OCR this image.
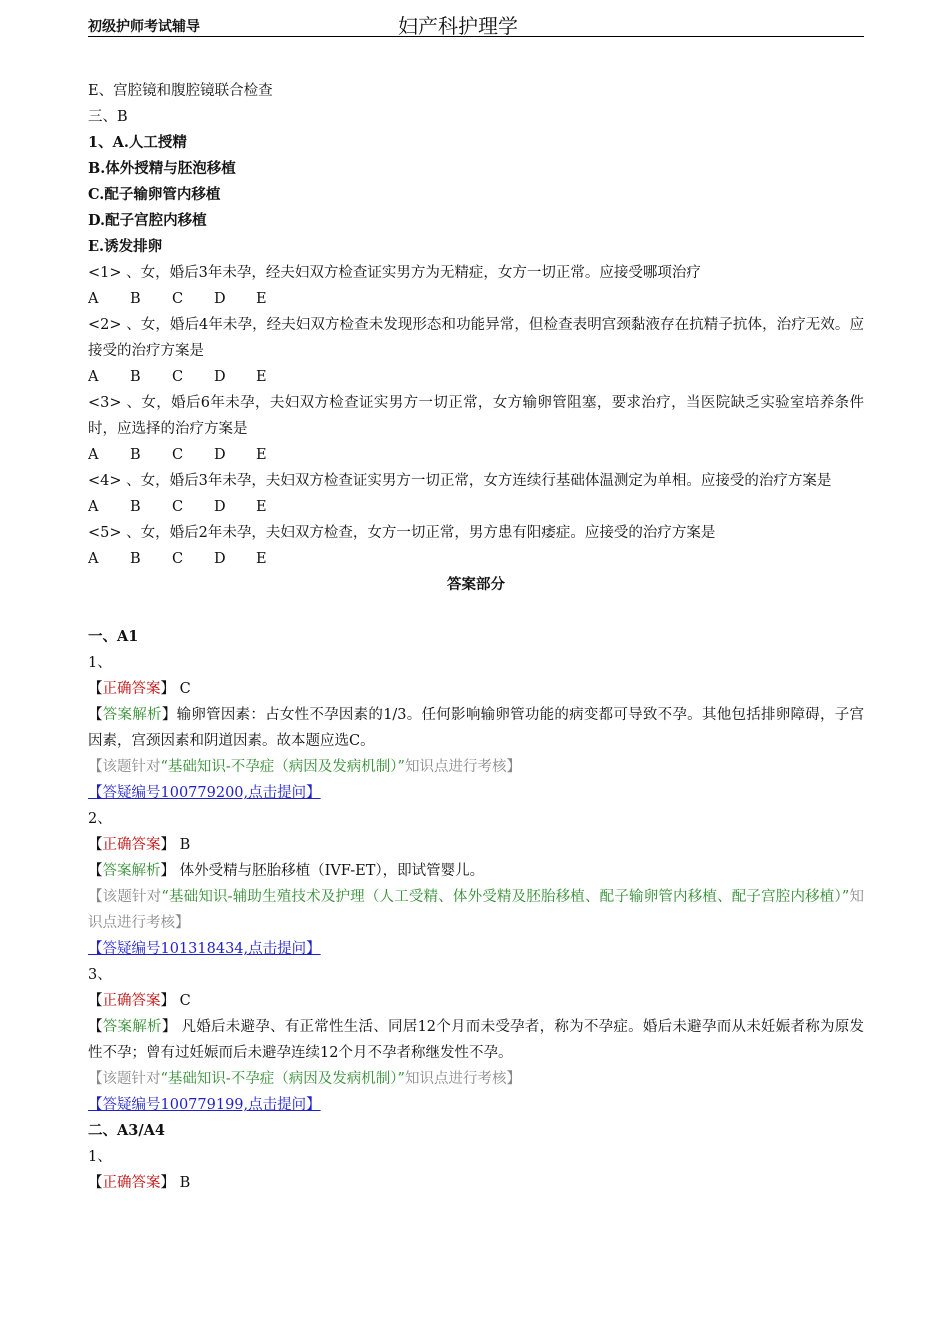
初级护师考试辅导	妇产科护理学
E、宫腔镜和腹腔镜联合检查
三、B
1、A.人工授精
B.体外授精与胚泡移植
C.配子输卵管内移植
D.配子宫腔内移植
E.诱发排卵
<1> 、女，婚后3年未孕，经夫妇双方检查证实男方为无精症，女方一切正常。应接受哪项治疗
A B C D E
<2> 、女，婚后4年未孕，经夫妇双方检查未发现形态和功能异常，但检查表明宫颈黏液存在抗精子抗体，治疗无效。应接受的治疗方案是
A B C D E
<3> 、女，婚后6年未孕，夫妇双方检查证实男方一切正常，女方输卵管阻塞，要求治疗，当医院缺乏实验室培养条件时，应选择的治疗方案是
A B C D E
<4> 、女，婚后3年未孕，夫妇双方检查证实男方一切正常，女方连续行基础体温测定为单相。应接受的治疗方案是
A B C D E
<5> 、女，婚后2年未孕，夫妇双方检查，女方一切正常，男方患有阳痿症。应接受的治疗方案是
A B C D E
答案部分
一、A1
1、
【正确答案】 C
【答案解析】输卵管因素：占女性不孕因素的1/3。任何影响输卵管功能的病变都可导致不孕。其他包括排卵障碍，子宫因素，宫颈因素和阴道因素。故本题应选C。
【该题针对“基础知识-不孕症（病因及发病机制）”知识点进行考核】
【答疑编号100779200,点击提问】
2、
【正确答案】 B
【答案解析】 体外受精与胚胎移植（IVF-ET），即试管婴儿。
【该题针对“基础知识-辅助生殖技术及护理（人工受精、体外受精及胚胎移植、配子输卵管内移植、配子宫腔内移植）”知识点进行考核】
【答疑编号101318434,点击提问】
3、
【正确答案】 C
【答案解析】 凡婚后未避孕、有正常性生活、同居12个月而未受孕者，称为不孕症。婚后未避孕而从未妊娠者称为原发性不孕；曾有过妊娠而后未避孕连续12个月不孕者称继发性不孕。
【该题针对“基础知识-不孕症（病因及发病机制）”知识点进行考核】
【答疑编号100779199,点击提问】
二、A3/A4
1、
【正确答案】 B
